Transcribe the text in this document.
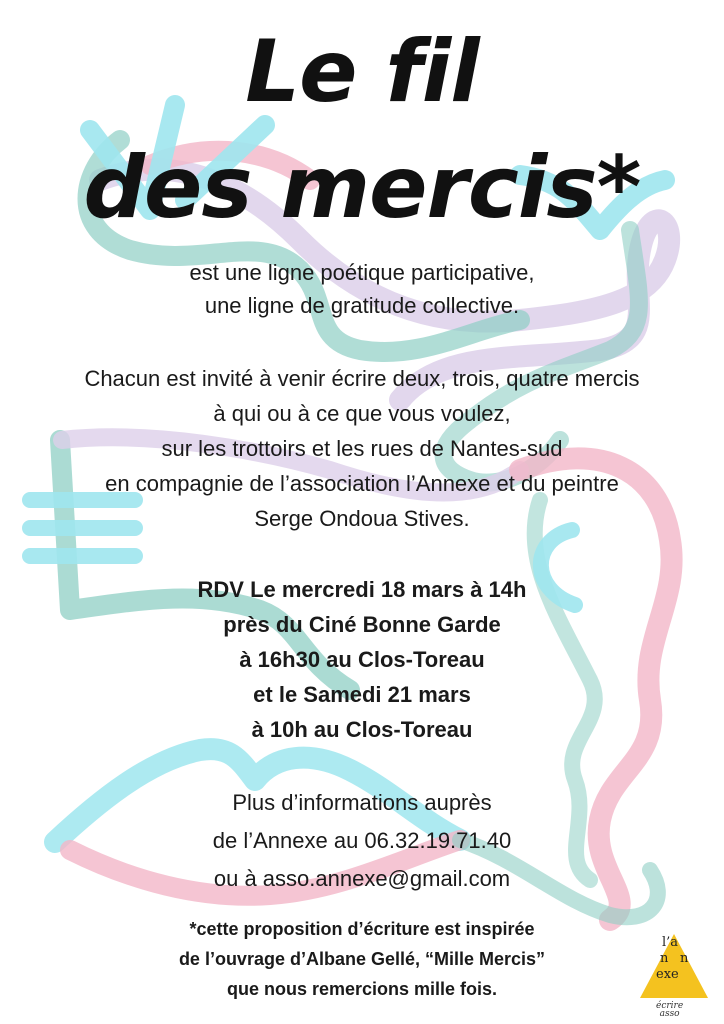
Le fil
des mercis*
est une ligne poétique participative,
une ligne de gratitude collective.
Chacun est invité à venir écrire deux, trois, quatre mercis
à qui ou à ce que vous voulez,
sur les trottoirs et les rues de Nantes-sud
en compagnie de l’association l’Annexe et du peintre
Serge Ondoua Stives.
RDV Le mercredi 18 mars à 14h
près du Ciné Bonne Garde
à 16h30 au Clos-Toreau
et le Samedi 21 mars
à 10h au Clos-Toreau
Plus d’informations auprès
de l’Annexe au 06.32.19.71.40
ou à asso.annexe@gmail.com
*cette proposition d’écriture est inspirée
de l’ouvrage d’Albane Gellé, “Mille Mercis”
que nous remercions mille fois.
l’a
n n
exe
écrire
asso
